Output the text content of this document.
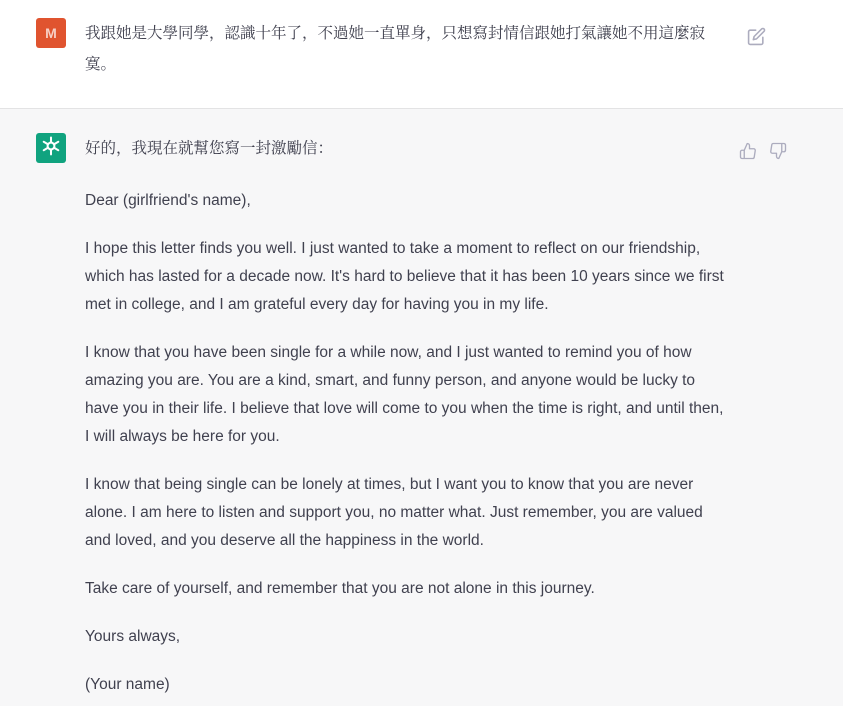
M	我跟她是大學同學，認識十年了，不過她一直單身，只想寫封情信跟她打氣讓她不用這麼寂寞。

好的，我現在就幫您寫一封激勵信：

Dear (girlfriend's name),

I hope this letter finds you well. I just wanted to take a moment to reflect on our friendship, which has lasted for a decade now. It's hard to believe that it has been 10 years since we first met in college, and I am grateful every day for having you in my life.

I know that you have been single for a while now, and I just wanted to remind you of how amazing you are. You are a kind, smart, and funny person, and anyone would be lucky to have you in their life. I believe that love will come to you when the time is right, and until then, I will always be here for you.

I know that being single can be lonely at times, but I want you to know that you are never alone. I am here to listen and support you, no matter what. Just remember, you are valued and loved, and you deserve all the happiness in the world.

Take care of yourself, and remember that you are not alone in this journey.

Yours always,

(Your name)
